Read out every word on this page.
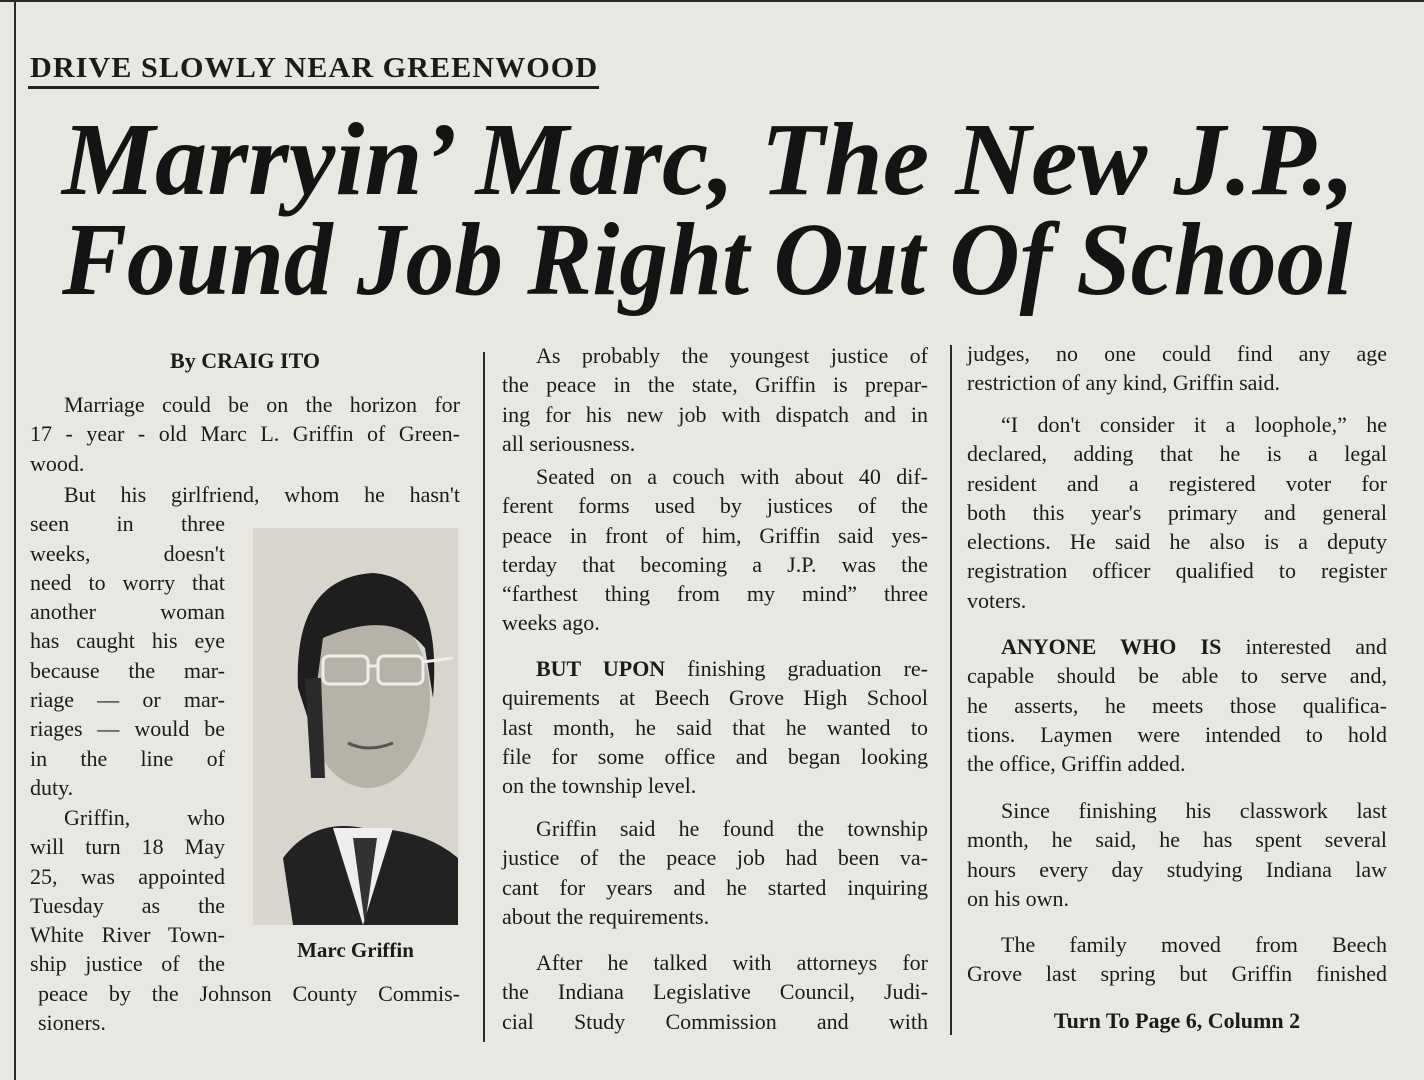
DRIVE SLOWLY NEAR GREENWOOD
Marryin’ Marc, The New J.P.,
Found Job Right Out Of School
Marc Griffin
By CRAIG ITO
Marriage could be on the horizon for
17 - year - old Marc L. Griffin of Green-
wood.
But his girlfriend, whom he hasn't
seen in three
weeks, doesn't
need to worry that
another woman
has caught his eye
because the mar-
riage — or mar-
riages — would be
in the line of
duty.
Griffin, who
will turn 18 May
25, was appointed
Tuesday as the
White River Town-
ship justice of the
peace by the Johnson County Commis-
sioners.
As probably the youngest justice of
the peace in the state, Griffin is prepar-
ing for his new job with dispatch and in
all seriousness.
Seated on a couch with about 40 dif-
ferent forms used by justices of the
peace in front of him, Griffin said yes-
terday that becoming a J.P. was the
“farthest thing from my mind” three
weeks ago.
BUT UPON finishing graduation re-
quirements at Beech Grove High School
last month, he said that he wanted to
file for some office and began looking
on the township level.
Griffin said he found the township
justice of the peace job had been va-
cant for years and he started inquiring
about the requirements.
After he talked with attorneys for
the Indiana Legislative Council, Judi-
cial Study Commission and with
judges, no one could find any age
restriction of any kind, Griffin said.
“I don't consider it a loophole,” he
declared, adding that he is a legal
resident and a registered voter for
both this year's primary and general
elections. He said he also is a deputy
registration officer qualified to register
voters.
ANYONE WHO IS interested and
capable should be able to serve and,
he asserts, he meets those qualifica-
tions. Laymen were intended to hold
the office, Griffin added.
Since finishing his classwork last
month, he said, he has spent several
hours every day studying Indiana law
on his own.
The family moved from Beech
Grove last spring but Griffin finished
Turn To Page 6, Column 2
